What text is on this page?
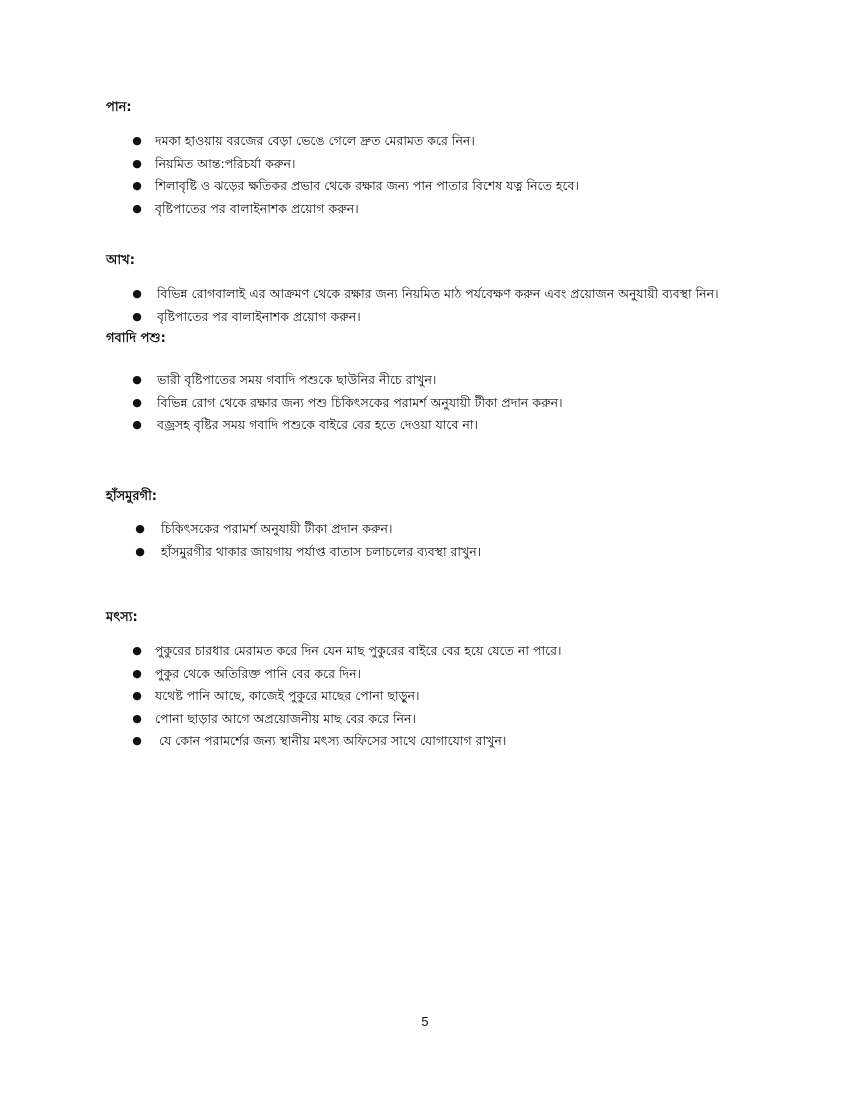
পান:
●	দমকা হাওয়ায় বরজের বেড়া ভেঙে গেলে দ্রুত মেরামত করে নিন।
●	নিয়মিত আন্ত:পরিচর্যা করুন।
●	শিলাবৃষ্টি ও ঝড়ের ক্ষতিকর প্রভাব থেকে রক্ষার জন্য পান পাতার বিশেষ যত্ন নিতে হবে।
●	বৃষ্টিপাতের পর বালাইনাশক প্রয়োগ করুন।
আখ:
●	বিভিন্ন রোগবালাই এর আক্রমণ থেকে রক্ষার জন্য নিয়মিত মাঠ পর্যবেক্ষণ করুন এবং প্রয়োজন অনুযায়ী ব্যবস্থা নিন।
●	বৃষ্টিপাতের পর বালাইনাশক প্রয়োগ করুন।
গবাদি পশু:
●	ভারী বৃষ্টিপাতের সময় গবাদি পশুকে ছাউনির নীচে রাখুন।
●	বিভিন্ন রোগ থেকে রক্ষার জন্য পশু চিকিৎসকের পরামর্শ অনুযায়ী টীকা প্রদান করুন।
●	বজ্রসহ বৃষ্টির সময় গবাদি পশুকে বাইরে বের হতে দেওয়া যাবে না।
হাঁসমুরগী:
●	চিকিৎসকের পরামর্শ অনুযায়ী টীকা প্রদান করুন।
●	হাঁসমুরগীর থাকার জায়গায় পর্যাপ্ত বাতাস চলাচলের ব্যবস্থা রাখুন।
মৎস্য:
●	পুকুরের চারধার মেরামত করে দিন যেন মাছ পুকুরের বাইরে বের হয়ে যেতে না পারে।
●	পুকুর থেকে অতিরিক্ত পানি বের করে দিন।
●	যথেষ্ট পানি আছে, কাজেই পুকুরে মাছের পোনা ছাড়ুন।
●	পোনা ছাড়ার আগে অপ্রয়োজনীয় মাছ বের করে নিন।
●	যে কোন পরামর্শের জন্য স্থানীয় মৎস্য অফিসের সাথে যোগাযোগ রাখুন।
5
